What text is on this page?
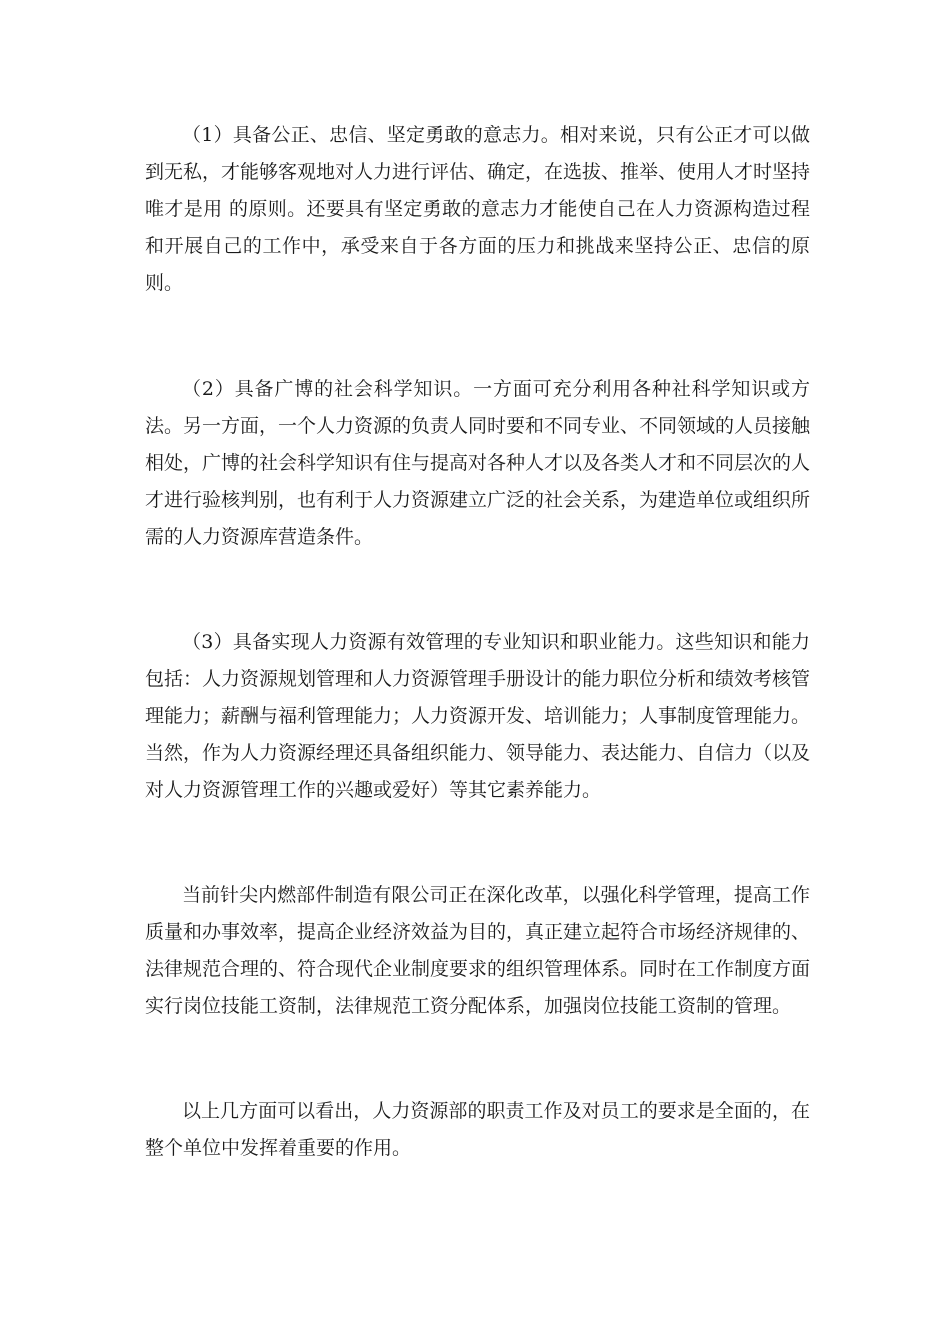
（1）具备公正、忠信、坚定勇敢的意志力。相对来说，只有公正才可以做到无私，才能够客观地对人力进行评估、确定，在选拔、推举、使用人才时坚持 唯才是用 的原则。还要具有坚定勇敢的意志力才能使自己在人力资源构造过程和开展自己的工作中，承受来自于各方面的压力和挑战来坚持公正、忠信的原则。

（2）具备广博的社会科学知识。一方面可充分利用各种社科学知识或方法。另一方面，一个人力资源的负责人同时要和不同专业、不同领域的人员接触相处，广博的社会科学知识有住与提高对各种人才以及各类人才和不同层次的人才进行验核判别，也有利于人力资源建立广泛的社会关系，为建造单位或组织所需的人力资源库营造条件。

（3）具备实现人力资源有效管理的专业知识和职业能力。这些知识和能力包括：人力资源规划管理和人力资源管理手册设计的能力职位分析和绩效考核管理能力；薪酬与福利管理能力；人力资源开发、培训能力；人事制度管理能力。当然，作为人力资源经理还具备组织能力、领导能力、表达能力、自信力（以及对人力资源管理工作的兴趣或爱好）等其它素养能力。

当前针尖内燃部件制造有限公司正在深化改革，以强化科学管理，提高工作质量和办事效率，提高企业经济效益为目的，真正建立起符合市场经济规律的、法律规范合理的、符合现代企业制度要求的组织管理体系。同时在工作制度方面实行岗位技能工资制，法律规范工资分配体系，加强岗位技能工资制的管理。

以上几方面可以看出，人力资源部的职责工作及对员工的要求是全面的，在整个单位中发挥着重要的作用。
